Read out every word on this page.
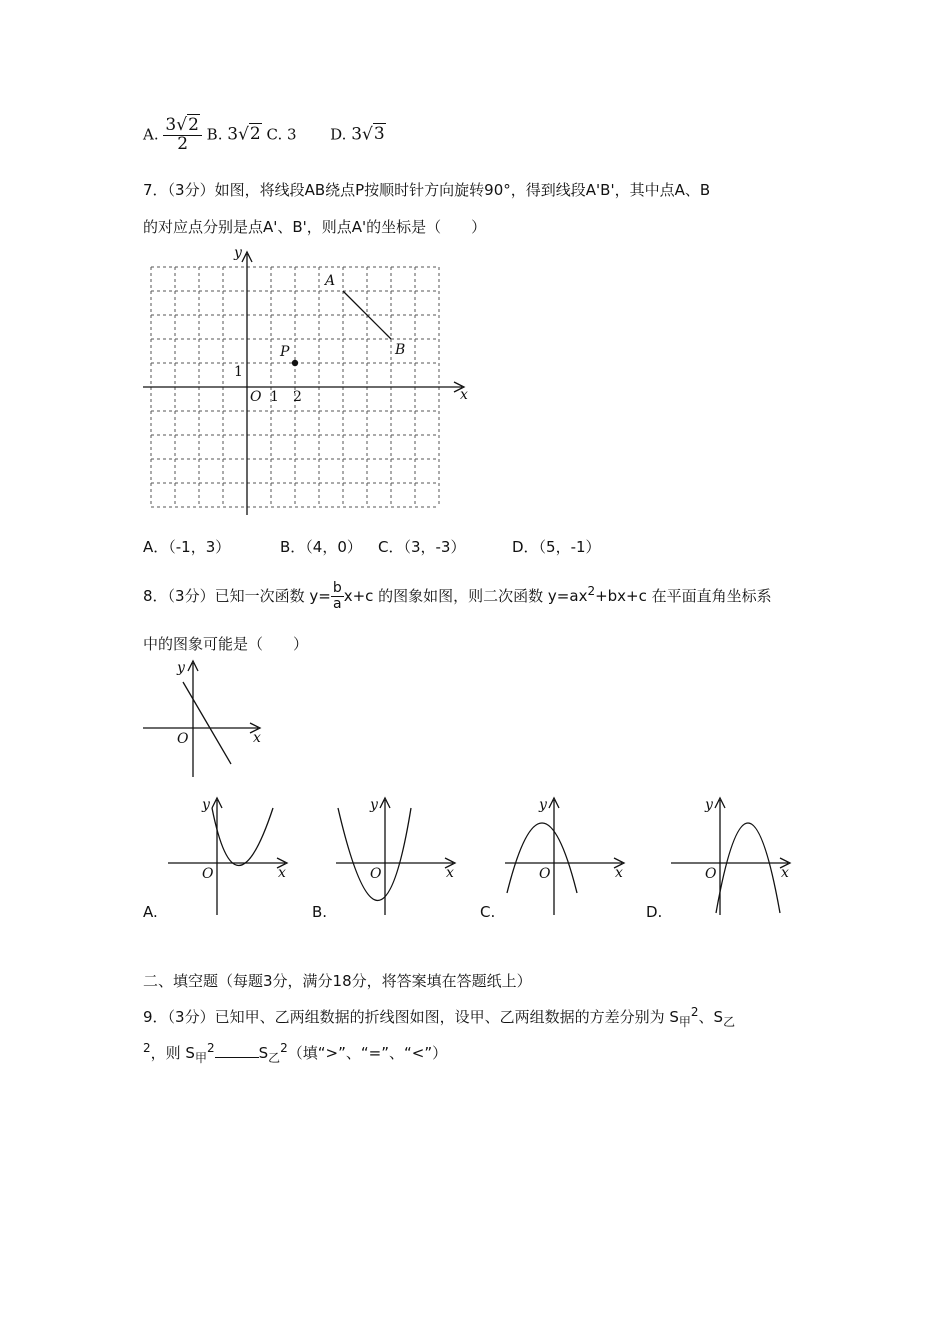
A. $\frac{3√2}{2} B$. 3√2 C. 3 D. 3√3
7．（3分）如图，将线段AB绕点P按顺时针方向旋转90°，得到线段A'B'，其中点A、B
的对应点分别是点A'、B'，则点A'的坐标是（　　）
y
x
O 1 2
1
A
B
P
A．（-1，3）	B．（4，0） C．（3，-3）	D．（5，-1）
8．（3分）已知一次函数 $y= \frac{b}{a} x+c$ 的图象如图，则二次函数 $y=ax^2+bx+c$ 在平面直角坐标系
中的图象可能是（　　）
y
x
O
y
x
O
A.
y
x
O
B.
y
x
O
C.
y
x
O
D.
二、填空题（每题3分，满分18分，将答案填在答题纸上）
9．（3分）已知甲、乙两组数据的折线图如图，设甲、乙两组数据的方差分别为 $S_甲^2$、$S_乙$
$^2$，则 $S_甲^2$	$S_乙^2$（填“>”、“=”、“<”）
